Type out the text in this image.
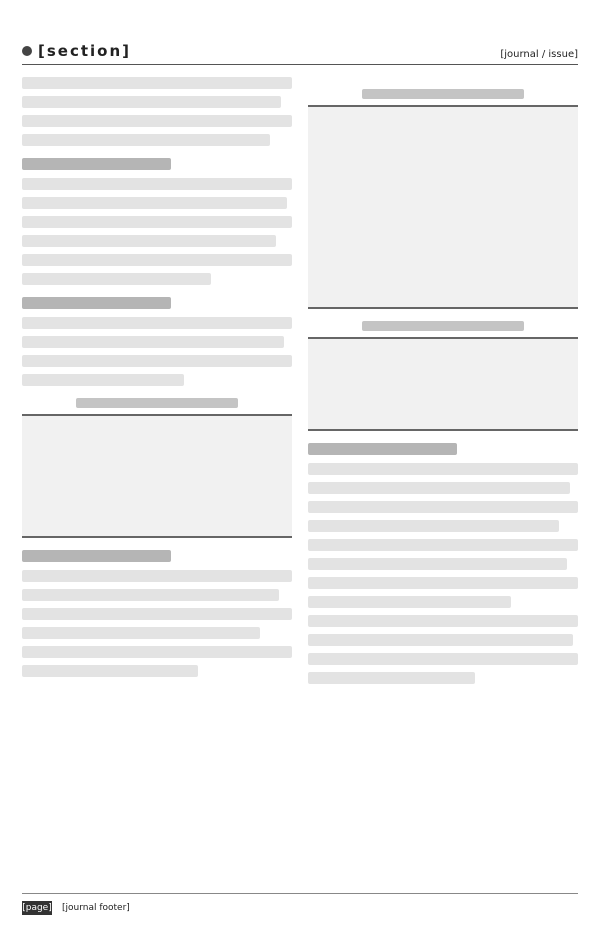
[section]	[journal / issue]
[page] [journal footer]
